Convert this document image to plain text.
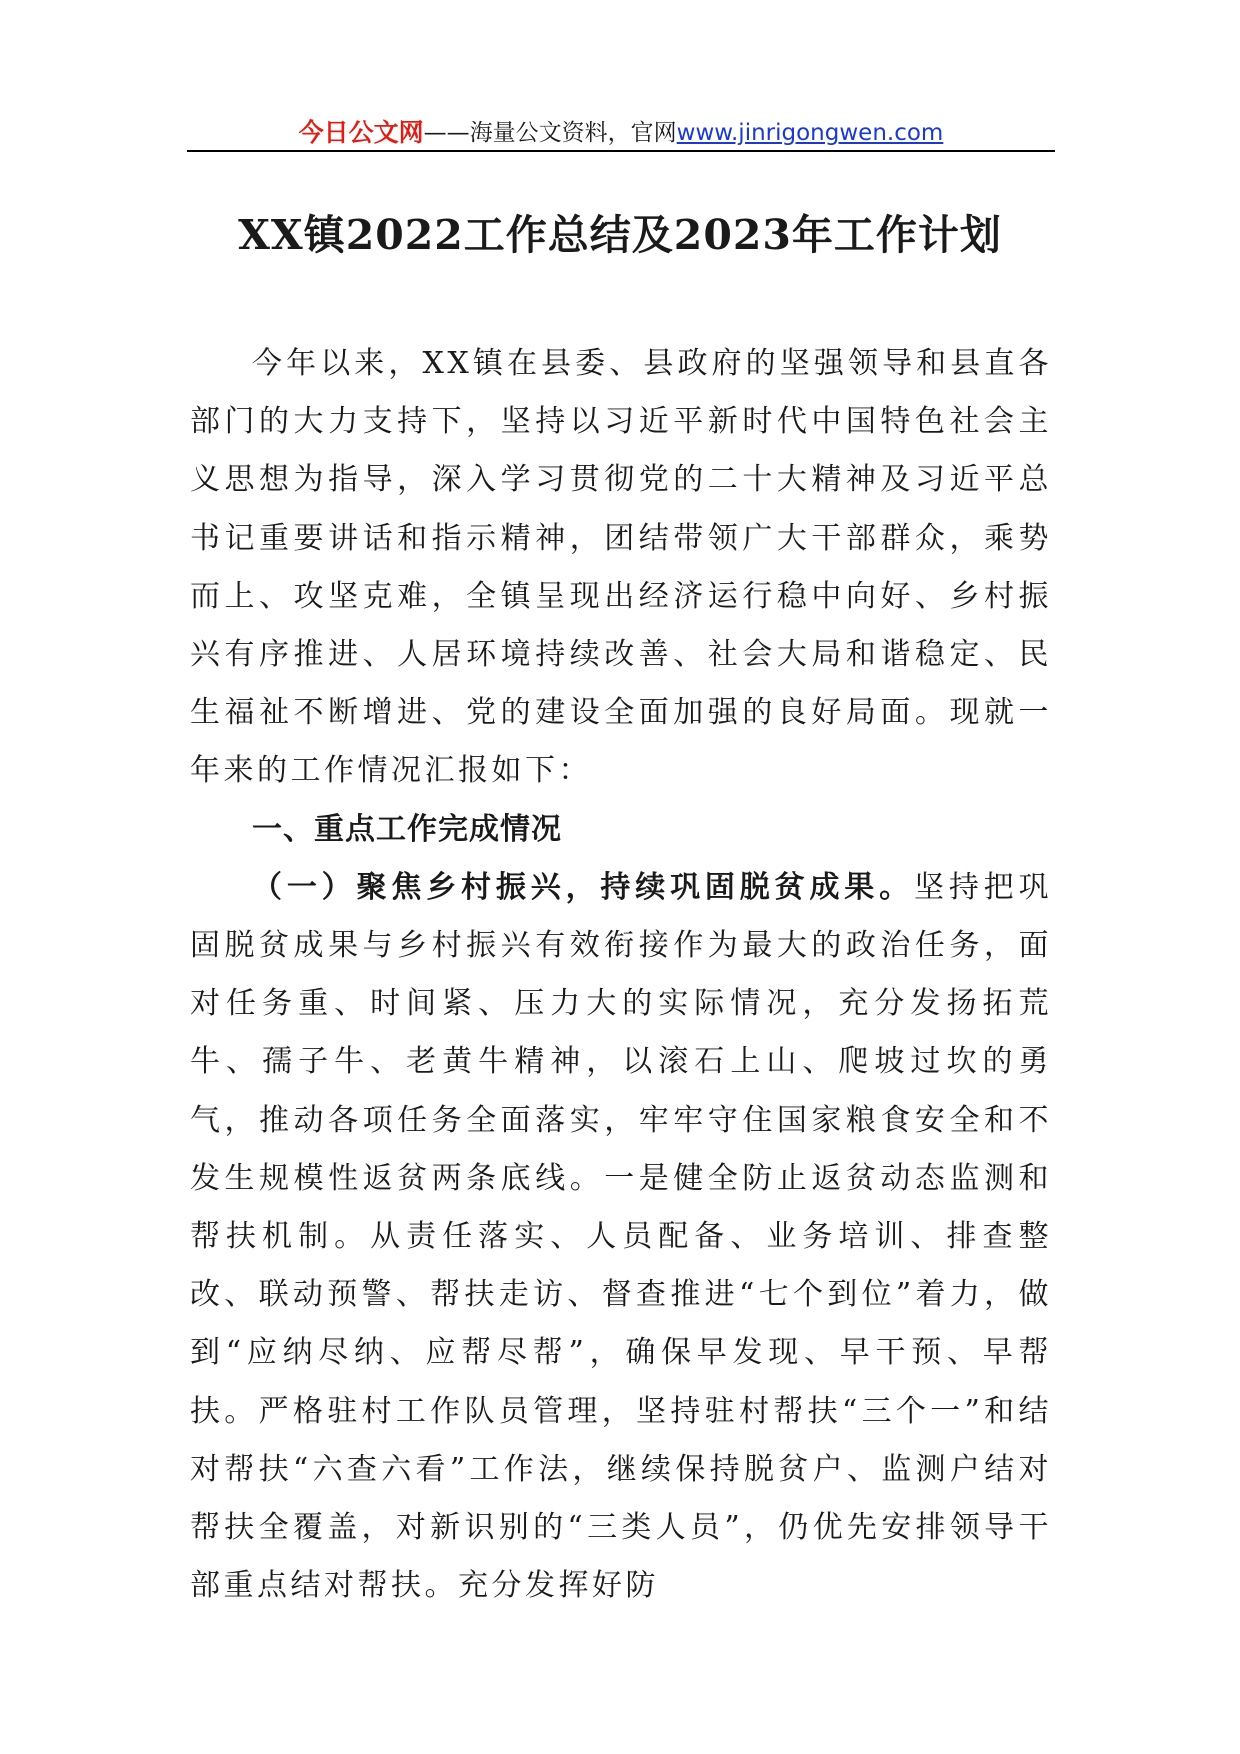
今日公文网 ——海量公文资料，官网 www.jinrigongwen.com
XX镇2022工作总结及2023年工作计划

今年以来，XX镇在县委、县政府的坚强领导和县直各部门的大力支持下，坚持以习近平新时代中国特色社会主义思想为指导，深入学习贯彻党的二十大精神及习近平总书记重要讲话和指示精神，团结带领广大干部群众，乘势而上、攻坚克难，全镇呈现出经济运行稳中向好、乡村振兴有序推进、人居环境持续改善、社会大局和谐稳定、民生福祉不断增进、党的建设全面加强的良好局面。现就一年来的工作情况汇报如下：

一、重点工作完成情况

（一）聚焦乡村振兴，持续巩固脱贫成果。坚持把巩固脱贫成果与乡村振兴有效衔接作为最大的政治任务，面对任务重、时间紧、压力大的实际情况，充分发扬拓荒牛、孺子牛、老黄牛精神，以滚石上山、爬坡过坎的勇气，推动各项任务全面落实，牢牢守住国家粮食安全和不发生规模性返贫两条底线。一是健全防止返贫动态监测和帮扶机制。从责任落实、人员配备、业务培训、排查整改、联动预警、帮扶走访、督查推进“七个到位”着力，做到“应纳尽纳、应帮尽帮”，确保早发现、早干预、早帮扶。严格驻村工作队员管理，坚持驻村帮扶“三个一”和结对帮扶“六查六看”工作法，继续保持脱贫户、监测户结对帮扶全覆盖，对新识别的“三类人员”，仍优先安排领导干部重点结对帮扶。充分发挥好防
